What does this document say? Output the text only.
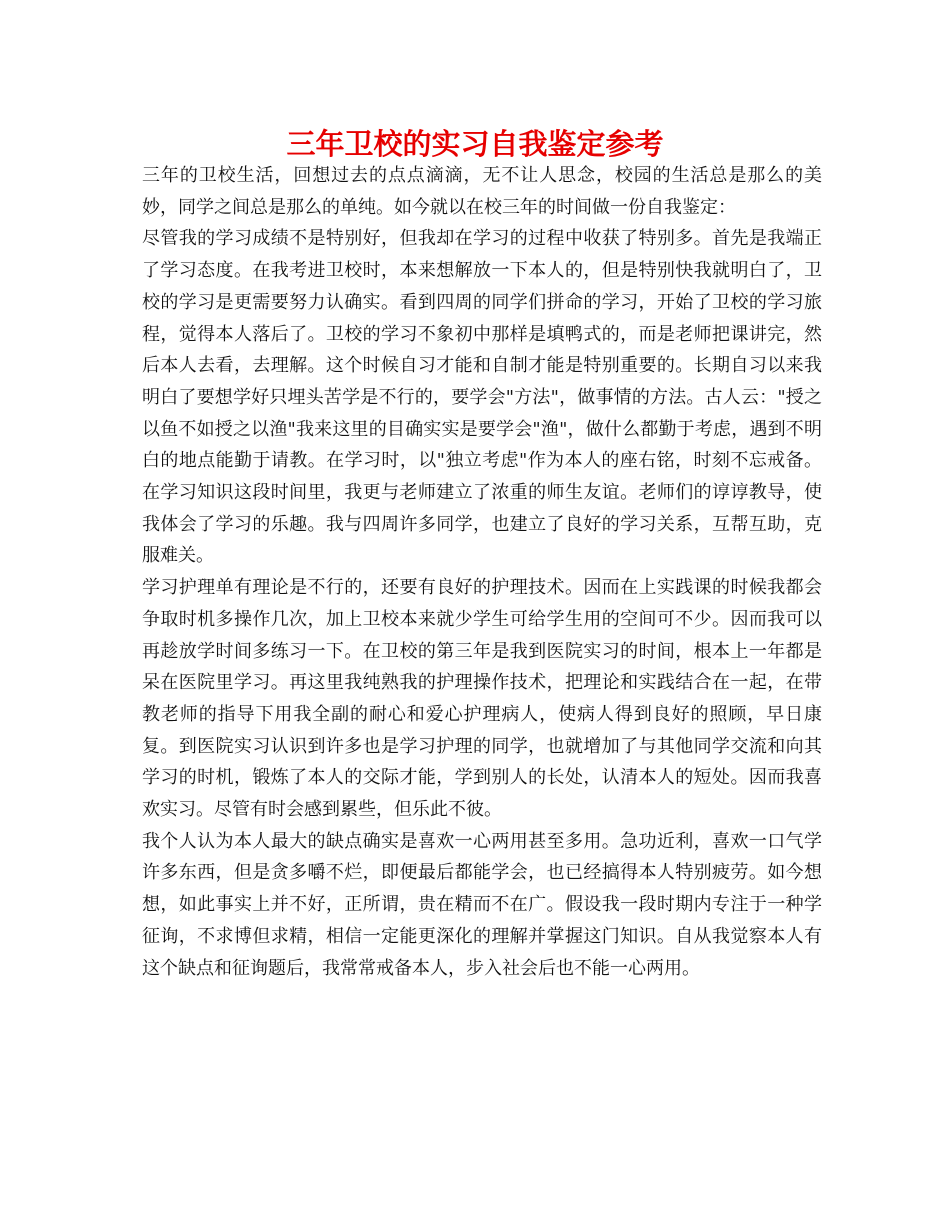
三年卫校的实习自我鉴定参考

三年的卫校生活，回想过去的点点滴滴，无不让人思念，校园的生活总是那么的美妙，同学之间总是那么的单纯。如今就以在校三年的时间做一份自我鉴定：

尽管我的学习成绩不是特别好，但我却在学习的过程中收获了特别多。首先是我端正了学习态度。在我考进卫校时，本来想解放一下本人的，但是特别快我就明白了，卫校的学习是更需要努力认确实。看到四周的同学们拼命的学习，开始了卫校的学习旅程，觉得本人落后了。卫校的学习不象初中那样是填鸭式的，而是老师把课讲完，然后本人去看，去理解。这个时候自习才能和自制才能是特别重要的。长期自习以来我明白了要想学好只埋头苦学是不行的，要学会"方法"，做事情的方法。古人云："授之以鱼不如授之以渔"我来这里的目确实实是要学会"渔"，做什么都勤于考虑，遇到不明白的地点能勤于请教。在学习时，以"独立考虑"作为本人的座右铭，时刻不忘戒备。在学习知识这段时间里，我更与老师建立了浓重的师生友谊。老师们的谆谆教导，使我体会了学习的乐趣。我与四周许多同学，也建立了良好的学习关系，互帮互助，克服难关。

学习护理单有理论是不行的，还要有良好的护理技术。因而在上实践课的时候我都会争取时机多操作几次，加上卫校本来就少学生可给学生用的空间可不少。因而我可以再趁放学时间多练习一下。在卫校的第三年是我到医院实习的时间，根本上一年都是呆在医院里学习。再这里我纯熟我的护理操作技术，把理论和实践结合在一起，在带教老师的指导下用我全副的耐心和爱心护理病人，使病人得到良好的照顾，早日康复。到医院实习认识到许多也是学习护理的同学，也就增加了与其他同学交流和向其学习的时机，锻炼了本人的交际才能，学到别人的长处，认清本人的短处。因而我喜欢实习。尽管有时会感到累些，但乐此不彼。

我个人认为本人最大的缺点确实是喜欢一心两用甚至多用。急功近利，喜欢一口气学许多东西，但是贪多嚼不烂，即便最后都能学会，也已经搞得本人特别疲劳。如今想想，如此事实上并不好，正所谓，贵在精而不在广。假设我一段时期内专注于一种学征询，不求博但求精，相信一定能更深化的理解并掌握这门知识。自从我觉察本人有这个缺点和征询题后，我常常戒备本人，步入社会后也不能一心两用。
